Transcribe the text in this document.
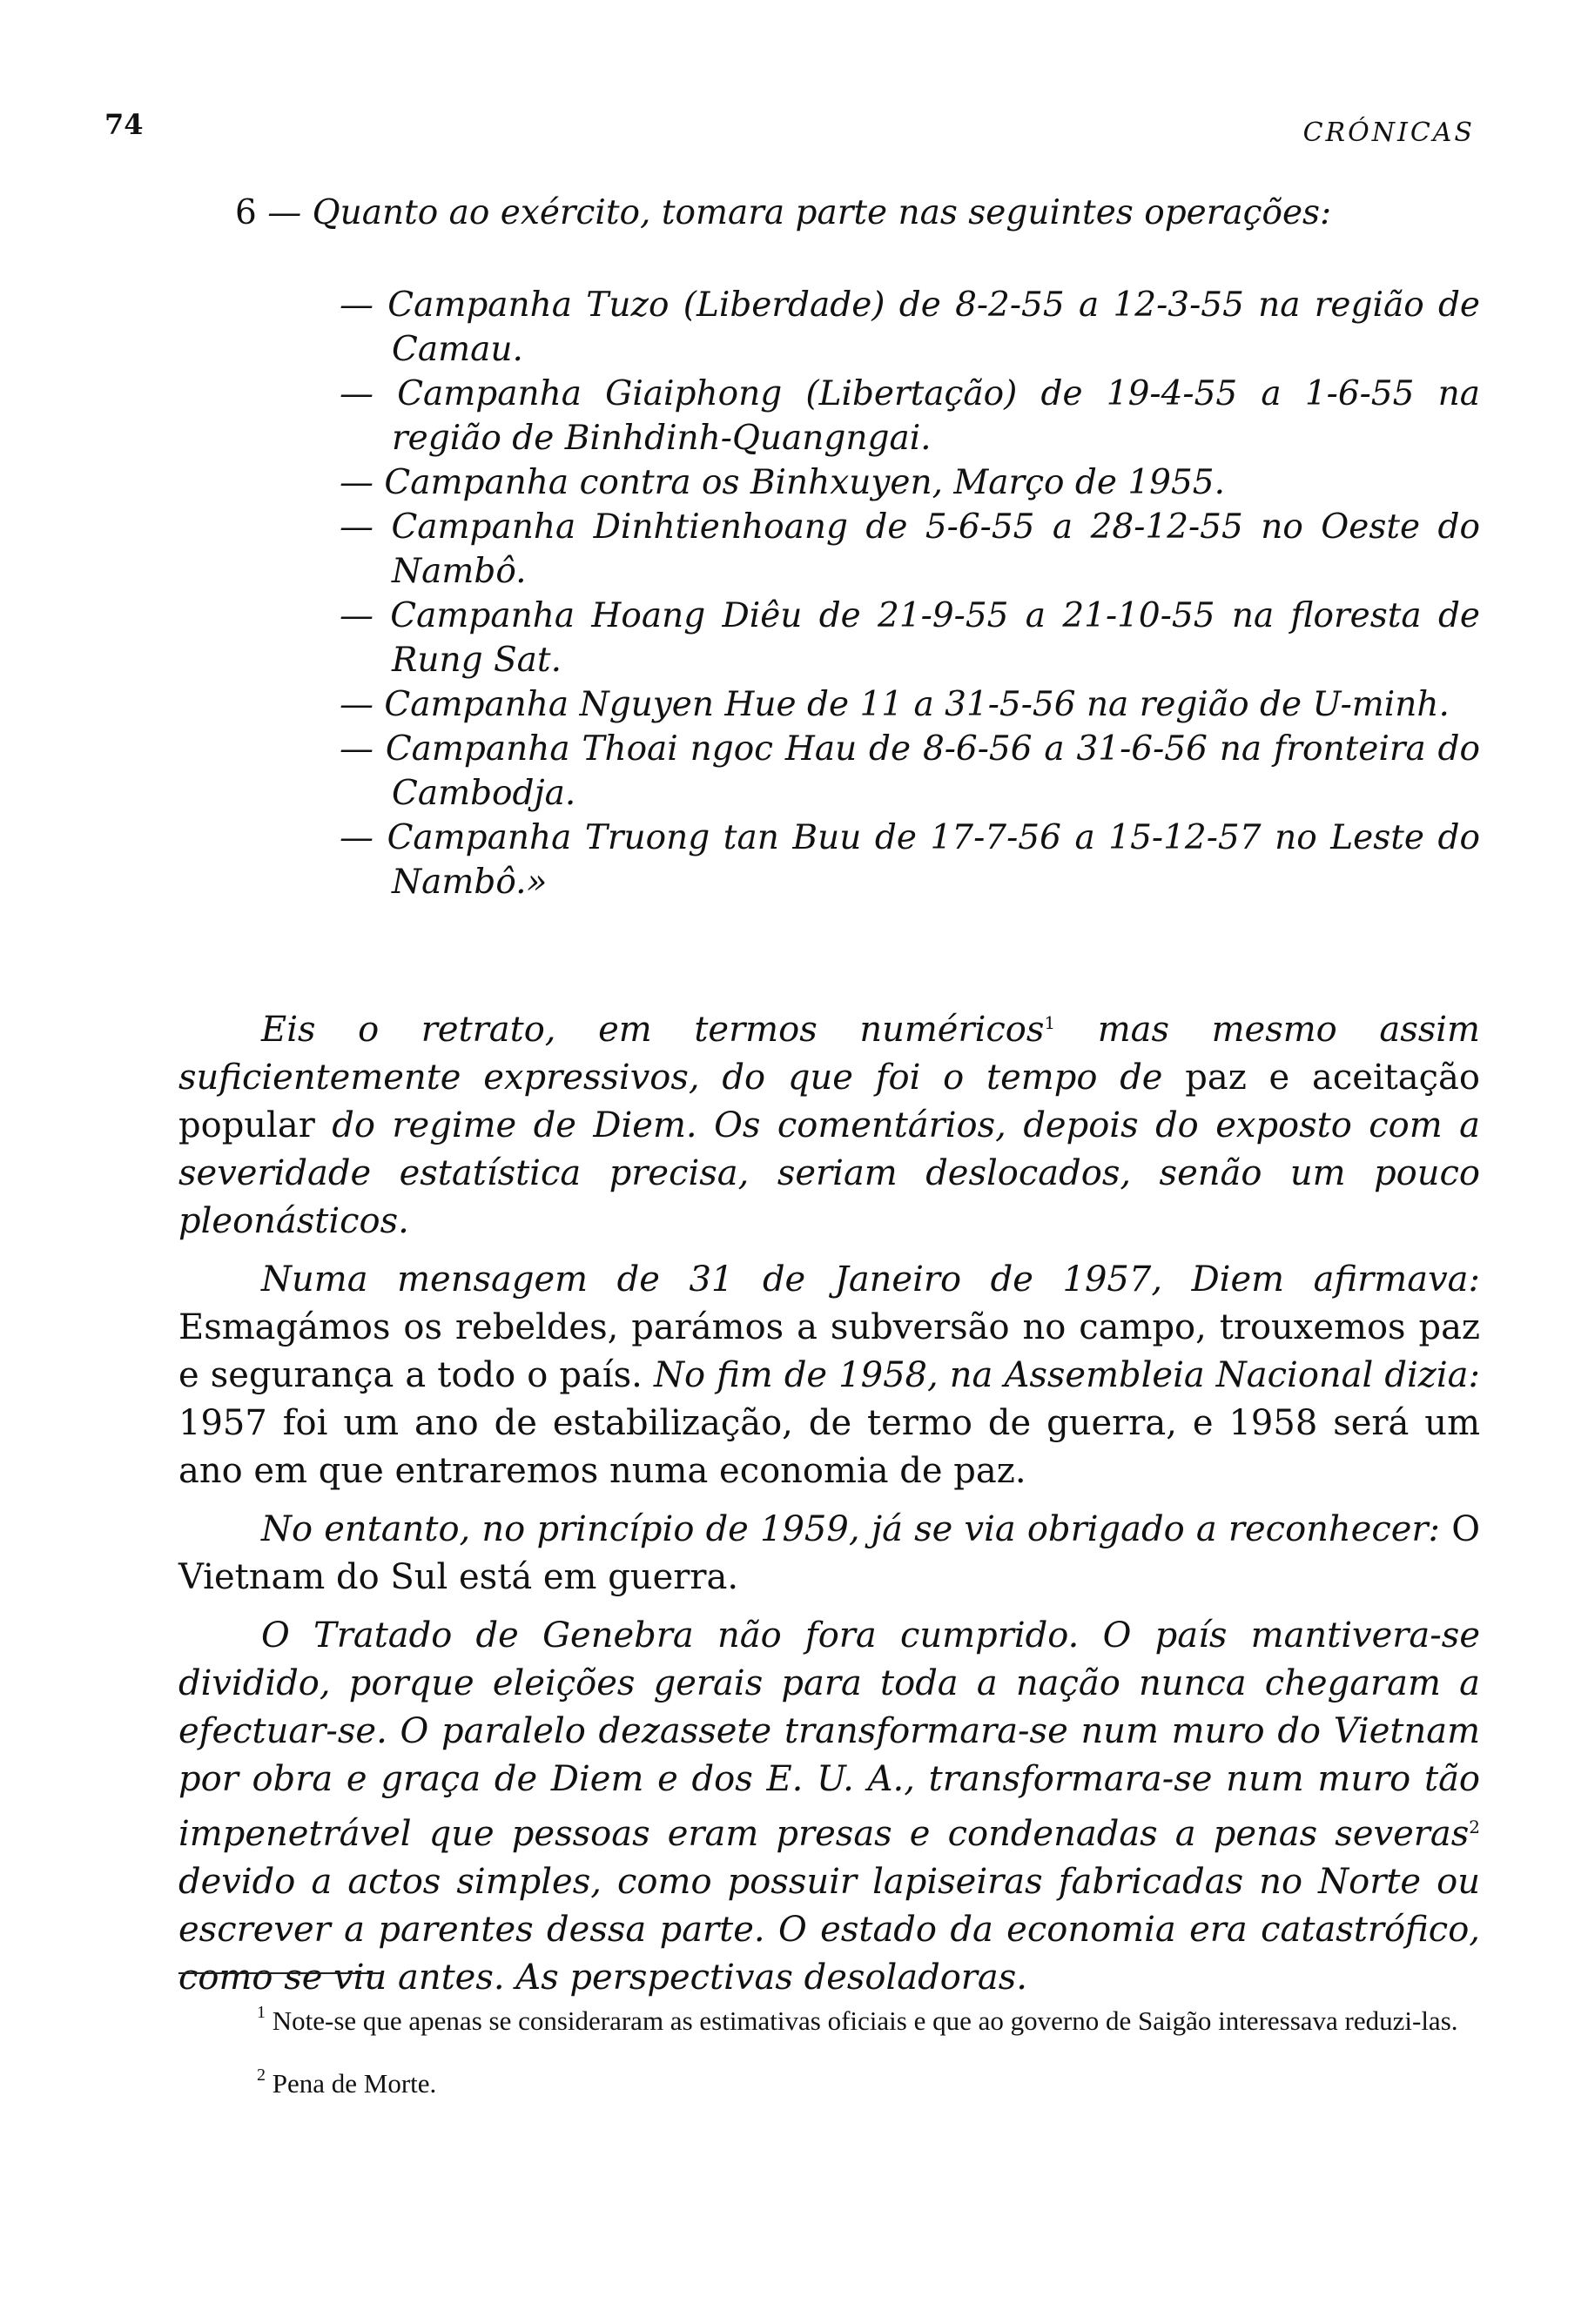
74	CRÓNICAS
6 — Quanto ao exército, tomara parte nas seguintes operações:
— Campanha Tuzo (Liberdade) de 8-2-55 a 12-3-55 na região de Camau.
— Campanha Giaiphong (Libertação) de 19-4-55 a 1-6-55 na região de Binhdinh-Quangngai.
— Campanha contra os Binhxuyen, Março de 1955.
— Campanha Dinhtienhoang de 5-6-55 a 28-12-55 no Oeste do Nambô.
— Campanha Hoang Diêu de 21-9-55 a 21-10-55 na floresta de Rung Sat.
— Campanha Nguyen Hue de 11 a 31-5-56 na região de U-minh.
— Campanha Thoai ngoc Hau de 8-6-56 a 31-6-56 na fronteira do Cambodja.
— Campanha Truong tan Buu de 17-7-56 a 15-12-57 no Leste do Nambô.»

Eis o retrato, em termos numéricos$^1$ mas mesmo assim suficientemente expressivos, do que foi o tempo de paz e aceitação popular do regime de Diem. Os comentários, depois do exposto com a severidade estatística precisa, seriam deslocados, senão um pouco pleonásticos.

Numa mensagem de 31 de Janeiro de 1957, Diem afirmava: Esmagámos os rebeldes, parámos a subversão no campo, trouxemos paz e segurança a todo o país. No fim de 1958, na Assembleia Nacional dizia: 1957 foi um ano de estabilização, de termo de guerra, e 1958 será um ano em que entraremos numa economia de paz.

No entanto, no princípio de 1959, já se via obrigado a reconhecer: O Vietnam do Sul está em guerra.

O Tratado de Genebra não fora cumprido. O país mantivera-se dividido, porque eleições gerais para toda a nação nunca chegaram a efectuar-se. O paralelo dezassete transformara-se num muro do Vietnam por obra e graça de Diem e dos E. U. A., transformara-se num muro tão impenetrável que pessoas eram presas e condenadas a penas severas$^2$ devido a actos simples, como possuir lapiseiras fabricadas no Norte ou escrever a parentes dessa parte. O estado da economia era catastrófico, como se viu antes. As perspectivas desoladoras.

$^1$ Note-se que apenas se consideraram as estimativas oficiais e que ao governo de Saigão interessava reduzi-las.

$^2$ Pena de Morte.
